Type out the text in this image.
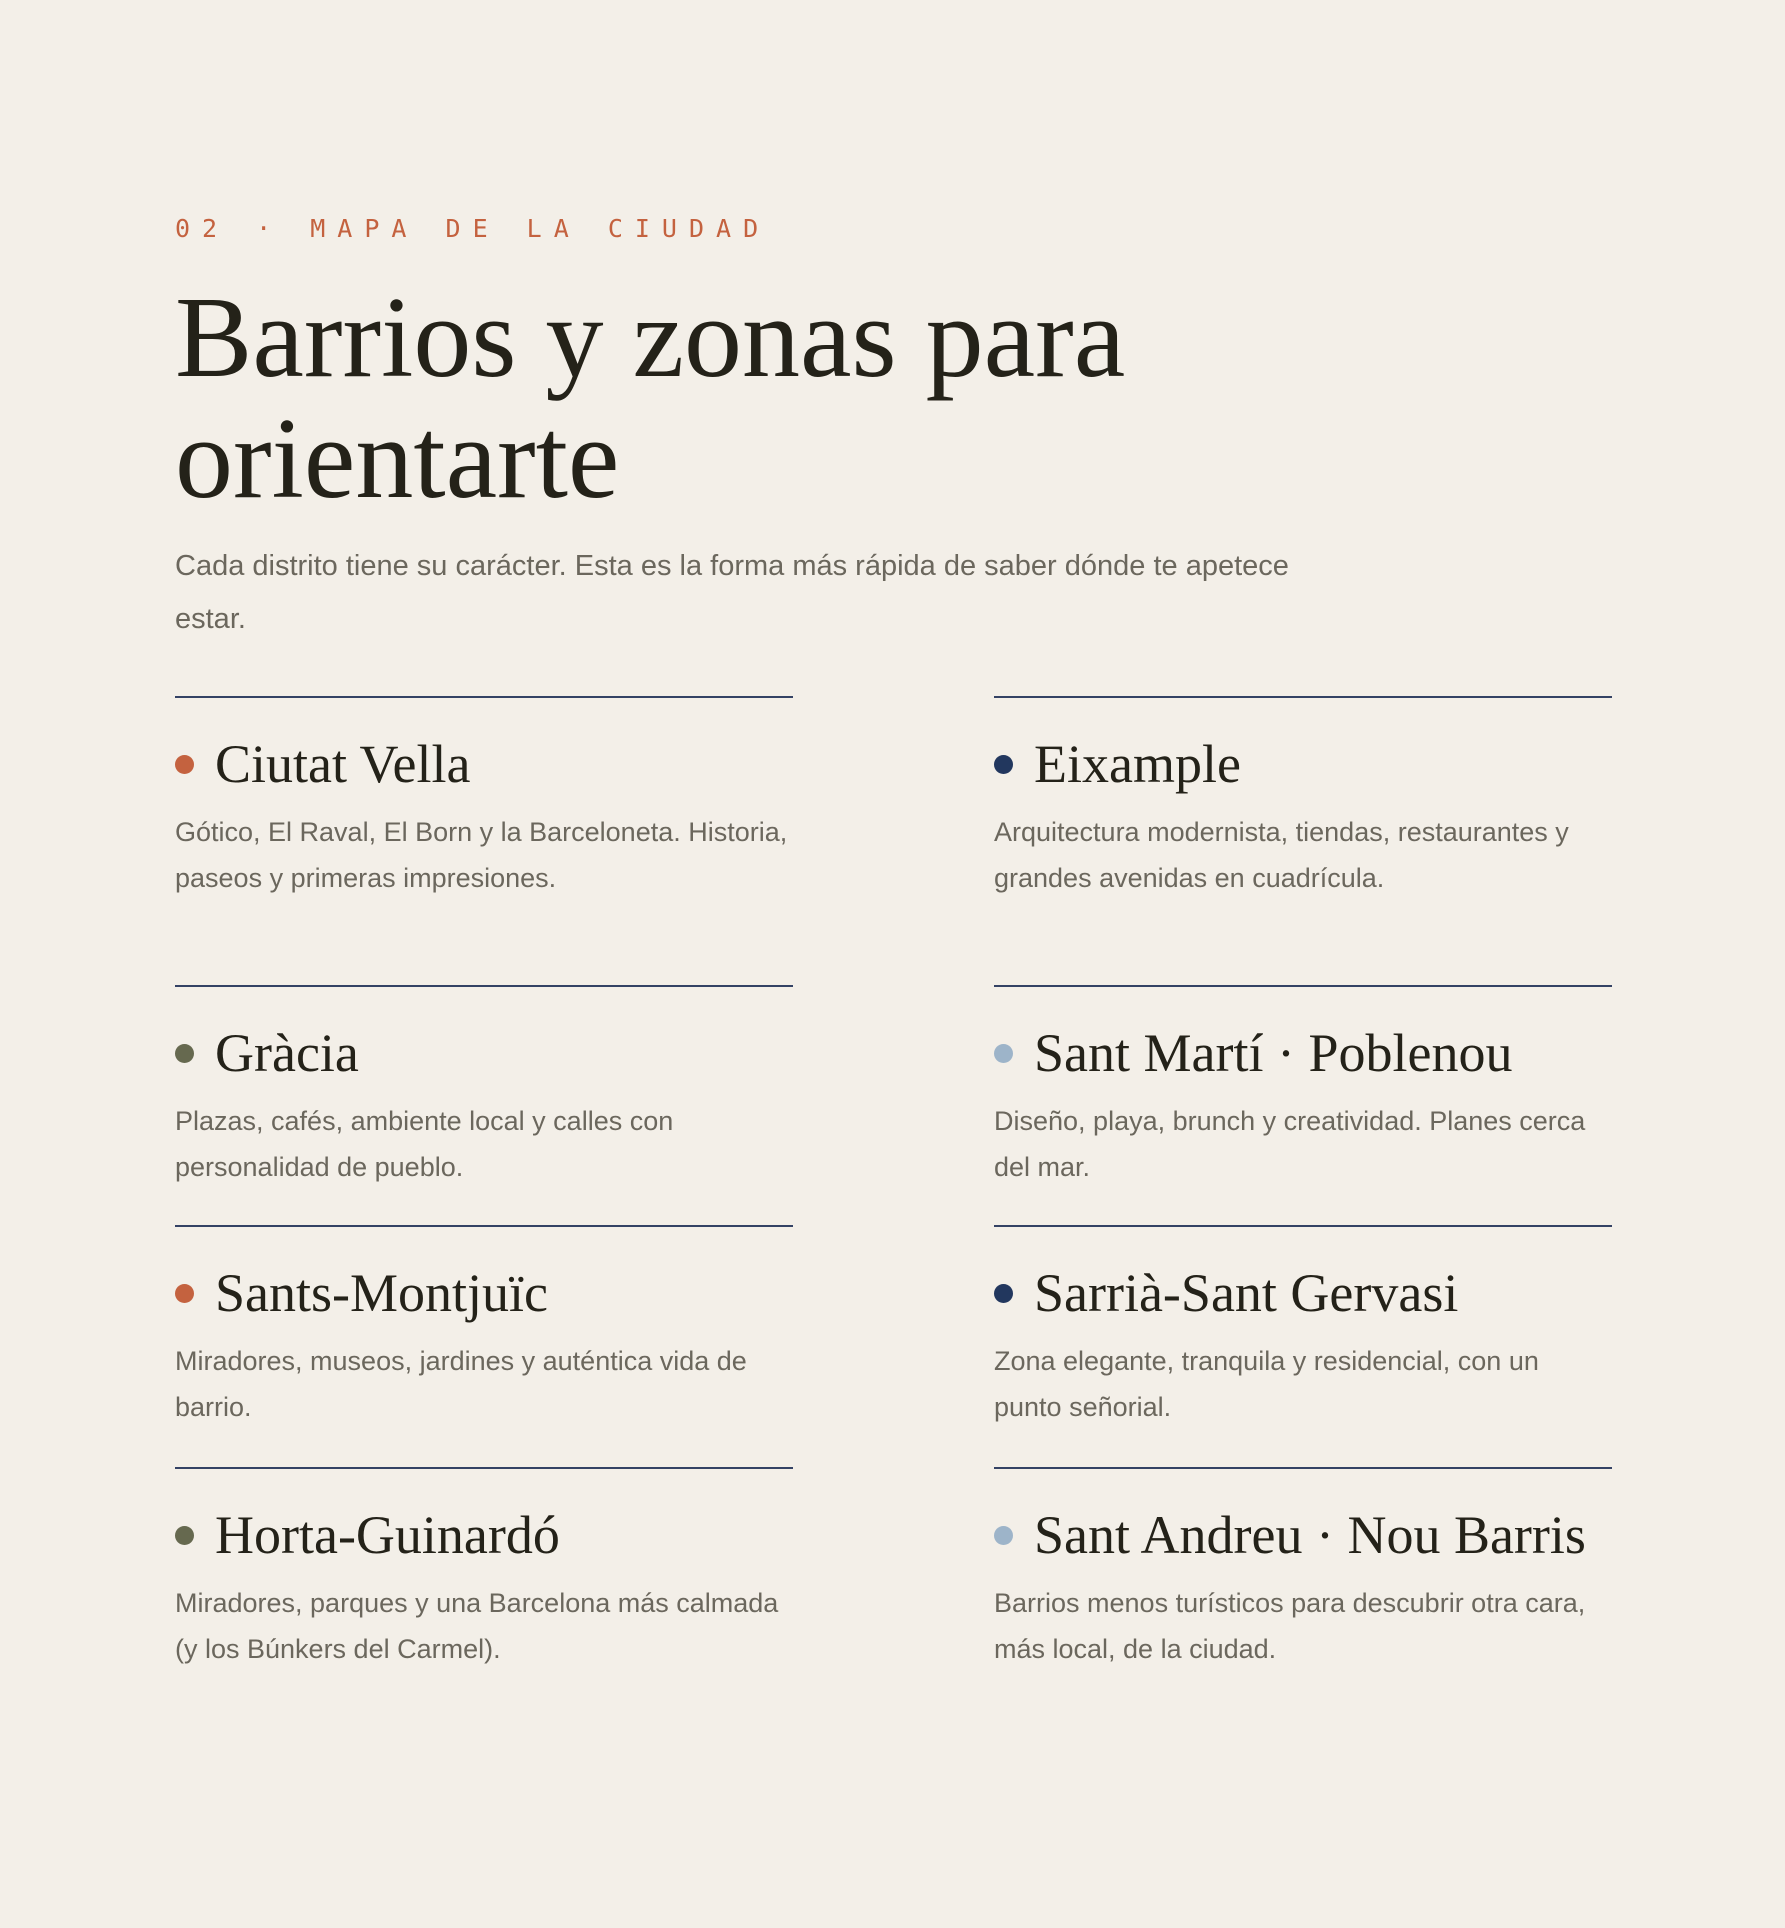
02 · MAPA DE LA CIUDAD
Barrios y zonas para orientarte

Cada distrito tiene su carácter. Esta es la forma más rápida de saber dónde te apetece estar.

Ciutat Vella

Gótico, El Raval, El Born y la Barceloneta. Historia, paseos y primeras impresiones.

Eixample

Arquitectura modernista, tiendas, restaurantes y grandes avenidas en cuadrícula.

Gràcia

Plazas, cafés, ambiente local y calles con personalidad de pueblo.

Sant Martí · Poblenou

Diseño, playa, brunch y creatividad. Planes cerca del mar.

Sants-Montjuïc

Miradores, museos, jardines y auténtica vida de barrio.

Sarrià-Sant Gervasi

Zona elegante, tranquila y residencial, con un punto señorial.

Horta-Guinardó

Miradores, parques y una Barcelona más calmada (y los Búnkers del Carmel).

Sant Andreu · Nou Barris

Barrios menos turísticos para descubrir otra cara, más local, de la ciudad.
